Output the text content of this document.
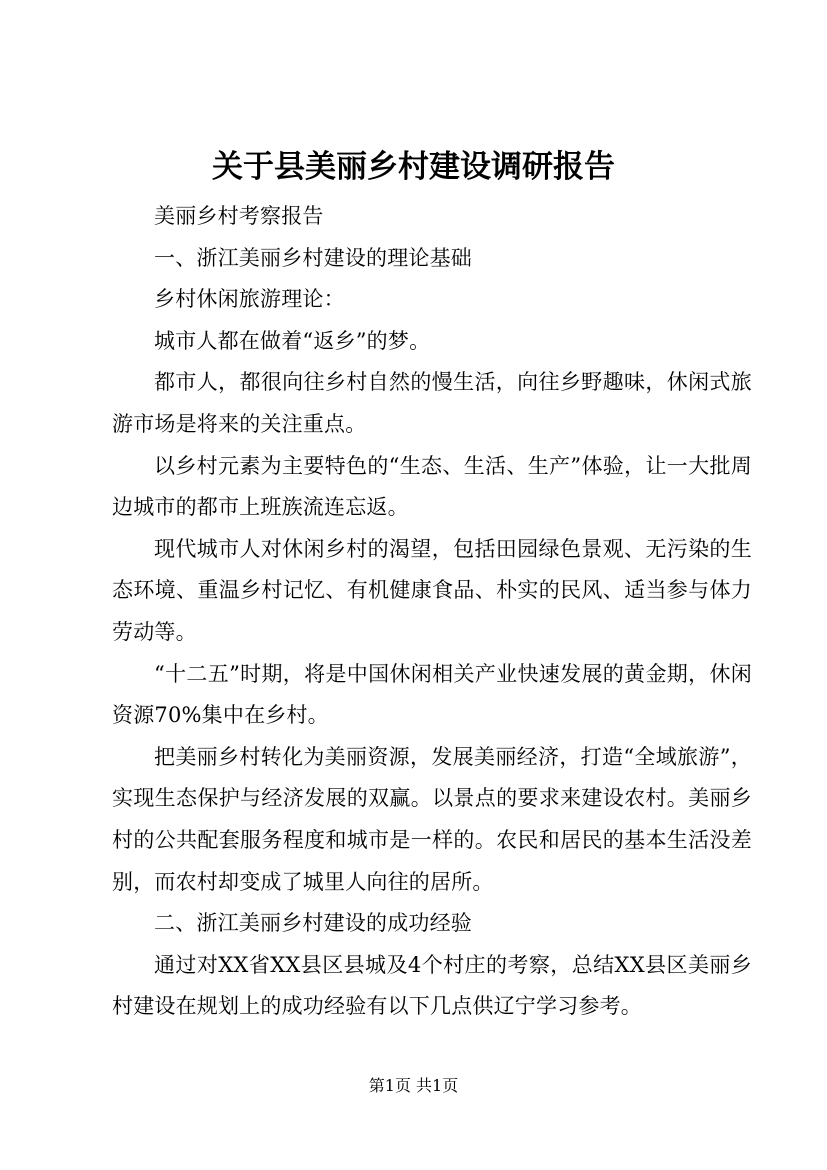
关于县美丽乡村建设调研报告

美丽乡村考察报告

一、浙江美丽乡村建设的理论基础

乡村休闲旅游理论：

城市人都在做着“返乡”的梦。

都市人，都很向往乡村自然的慢生活，向往乡野趣味，休闲式旅游市场是将来的关注重点。

以乡村元素为主要特色的“生态、生活、生产”体验，让一大批周边城市的都市上班族流连忘返。

现代城市人对休闲乡村的渴望，包括田园绿色景观、无污染的生态环境、重温乡村记忆、有机健康食品、朴实的民风、适当参与体力劳动等。

“十二五”时期，将是中国休闲相关产业快速发展的黄金期，休闲资源70%集中在乡村。

把美丽乡村转化为美丽资源，发展美丽经济，打造“全域旅游”，实现生态保护与经济发展的双赢。以景点的要求来建设农村。美丽乡村的公共配套服务程度和城市是一样的。农民和居民的基本生活没差别，而农村却变成了城里人向往的居所。

二、浙江美丽乡村建设的成功经验

通过对XX省XX县区县城及4个村庄的考察，总结XX县区美丽乡村建设在规划上的成功经验有以下几点供辽宁学习参考。

第1页 共1页
